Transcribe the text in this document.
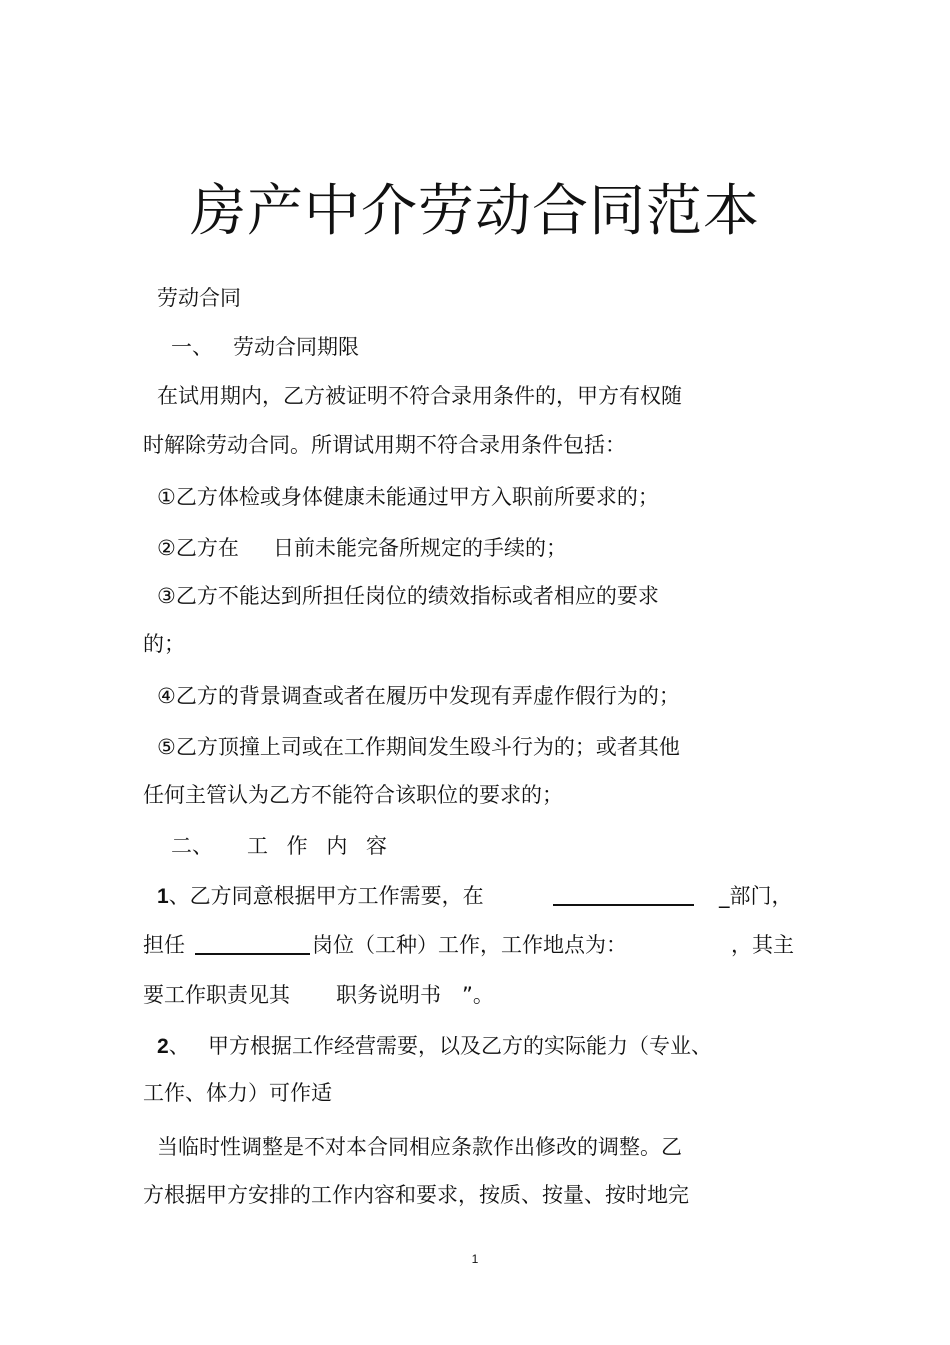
房产中介劳动合同范本
劳动合同
一、 劳动合同期限
在试用期内，乙方被证明不符合录用条件的，甲方有权随
时解除劳动合同。所谓试用期不符合录用条件包括：
①乙方体检或身体健康未能通过甲方入职前所要求的；
②乙方在 日前未能完备所规定的手续的；
③乙方不能达到所担任岗位的绩效指标或者相应的要求
的；
④乙方的背景调查或者在履历中发现有弄虚作假行为的；
⑤乙方顶撞上司或在工作期间发生殴斗行为的；或者其他
任何主管认为乙方不能符合该职位的要求的；
二、 工 作 内 容
1、乙方同意根据甲方工作需要，在	_部门，
担任	岗位（工种）工作，工作地点为：	，其主
要工作职责见其 职务说明书 ”。
2、 甲方根据工作经营需要，以及乙方的实际能力（专业、
工作、体力）可作适
当临时性调整是不对本合同相应条款作出修改的调整。乙
方根据甲方安排的工作内容和要求，按质、按量、按时地完
1
